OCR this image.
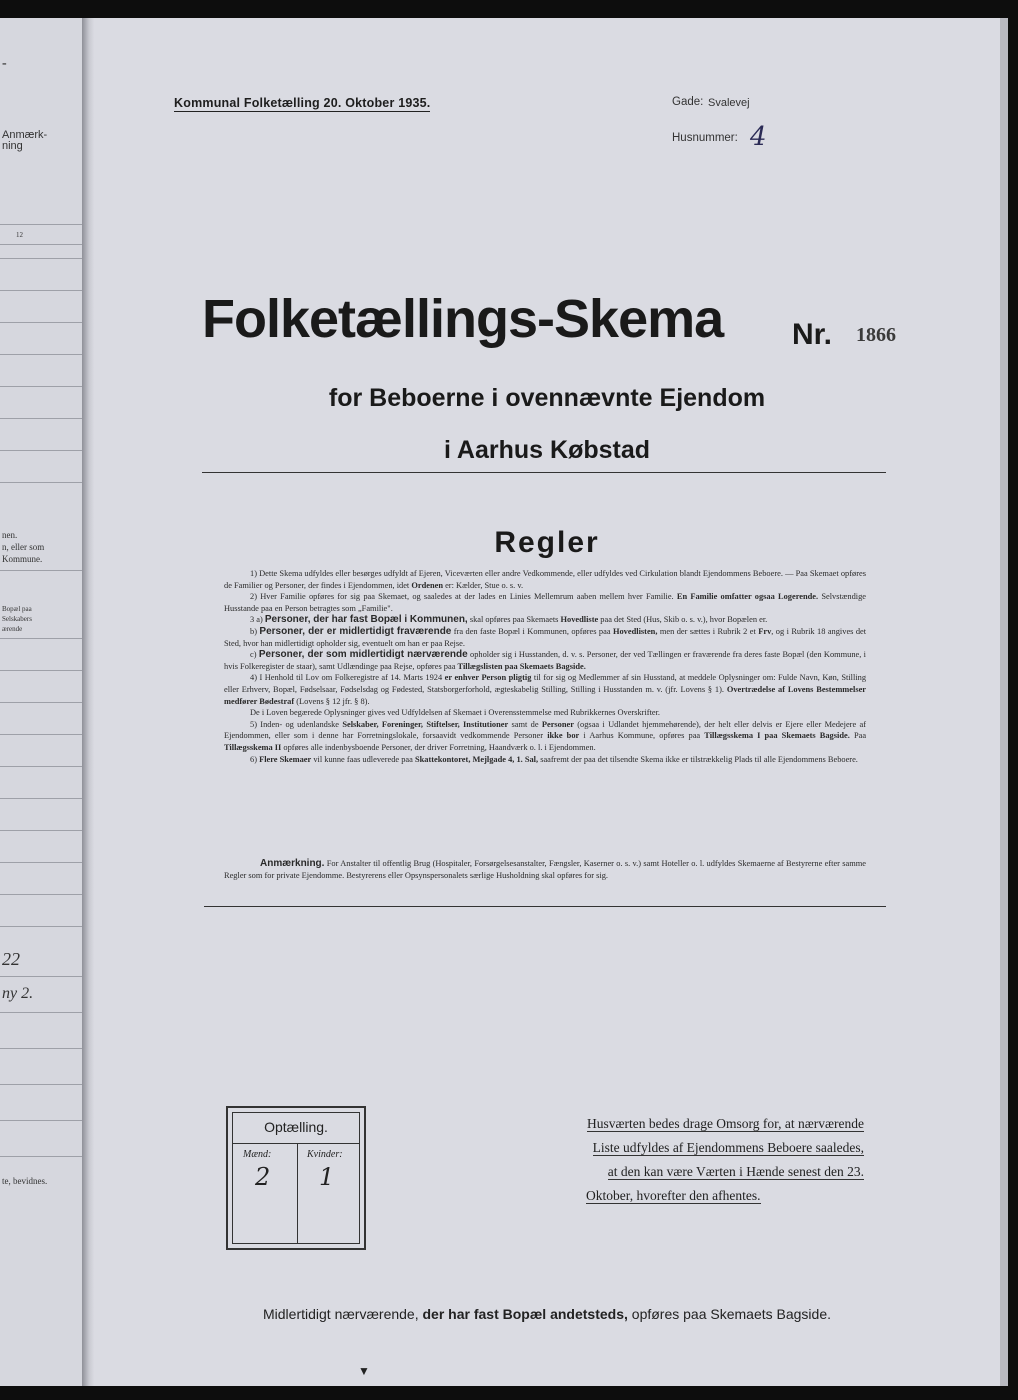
-
Anmærk-
ning
12
nen.
n, eller som
Kommune.
Bopæl paa
Selskabers
ærende
22
ny 2.
te, bevidnes.
Kommunal Folketælling 20. Oktober 1935.	Gade: Svalevej
Husnummer: 4
Folketællings-Skema Nr. 1866
for Beboerne i ovennævnte Ejendom
i Aarhus Købstad
Regler

1) Dette Skema udfyldes eller besørges udfyldt af Ejeren, Viceværten eller andre Vedkommende, eller udfyldes ved Cirkulation blandt Ejendommens Beboere. — Paa Skemaet opføres de Familier og Personer, der findes i Ejendommen, idet Ordenen er: Kælder, Stue o. s. v.

2) Hver Familie opføres for sig paa Skemaet, og saaledes at der lades en Linies Mellemrum aaben mellem hver Familie. En Familie omfatter ogsaa Logerende. Selvstændige Husstande paa en Person betragtes som „Familie".

3 a) Personer, der har fast Bopæl i Kommunen, skal opføres paa Skemaets Hovedliste paa det Sted (Hus, Skib o. s. v.), hvor Bopælen er.

b) Personer, der er midlertidigt fraværende fra den faste Bopæl i Kommunen, opføres paa Hovedlisten, men der sættes i Rubrik 2 et Frv, og i Rubrik 18 angives det Sted, hvor han midlertidigt opholder sig, eventuelt om han er paa Rejse.

c) Personer, der som midlertidigt nærværende opholder sig i Husstanden, d. v. s. Personer, der ved Tællingen er fraværende fra deres faste Bopæl (den Kommune, i hvis Folkeregister de staar), samt Udlændinge paa Rejse, opføres paa Tillægslisten paa Skemaets Bagside.

4) I Henhold til Lov om Folkeregistre af 14. Marts 1924 er enhver Person pligtig til for sig og Medlemmer af sin Husstand, at meddele Oplysninger om: Fulde Navn, Køn, Stilling eller Erhverv, Bopæl, Fødselsaar, Fødselsdag og Fødested, Statsborgerforhold, ægteskabelig Stilling, Stilling i Husstanden m. v. (jfr. Lovens § 1). Overtrædelse af Lovens Bestemmelser medfører Bødestraf (Lovens § 12 jfr. § 8).

De i Loven begærede Oplysninger gives ved Udfyldelsen af Skemaet i Overensstemmelse med Rubrikkernes Overskrifter.

5) Inden- og udenlandske Selskaber, Foreninger, Stiftelser, Institutioner samt de Personer (ogsaa i Udlandet hjemmehørende), der helt eller delvis er Ejere eller Medejere af Ejendommen, eller som i denne har Forretningslokale, forsaavidt vedkommende Personer ikke bor i Aarhus Kommune, opføres paa Tillægsskema I paa Skemaets Bagside. Paa Tillægsskema II opføres alle indenbysboende Personer, der driver Forretning, Haandværk o. l. i Ejendommen.

6) Flere Skemaer vil kunne faas udleverede paa Skattekontoret, Mejlgade 4, 1. Sal, saafremt der paa det tilsendte Skema ikke er tilstrækkelig Plads til alle Ejendommens Beboere.

Anmærkning. For Anstalter til offentlig Brug (Hospitaler, Forsørgelsesanstalter, Fængsler, Kaserner o. s. v.) samt Hoteller o. l. udfyldes Skemaerne af Bestyrerne efter samme Regler som for private Ejendomme. Bestyrerens eller Opsynspersonalets særlige Husholdning skal opføres for sig.

Optælling.
Mænd:	Kvinder:
2 1
Husværten bedes drage Omsorg for, at nærværende
Liste udfyldes af Ejendommens Beboere saaledes,
at den kan være Værten i Hænde senest den 23.
Oktober, hvorefter den afhentes.
Midlertidigt nærværende, der har fast Bopæl andetsteds, opføres paa Skemaets Bagside.
▼
